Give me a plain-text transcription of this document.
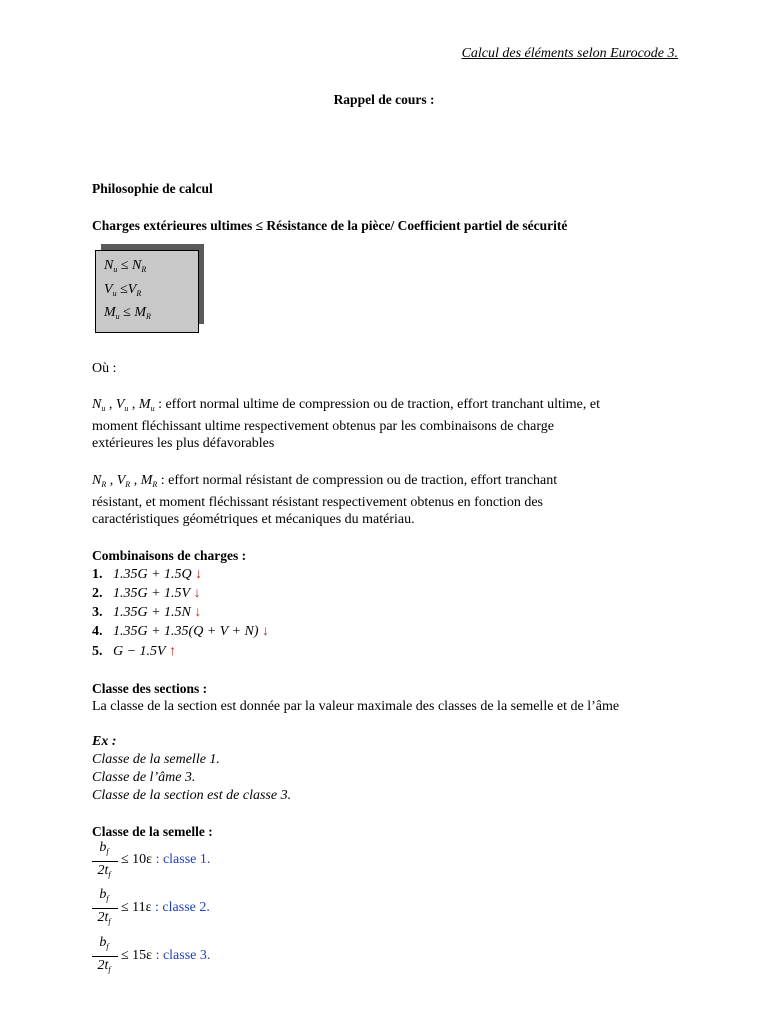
Calcul des éléments selon Eurocode 3.
Rappel de cours :
Philosophie de calcul
Charges extérieures ultimes ≤ Résistance de la pièce/ Coefficient partiel de sécurité
$N_u \le N_R$
$V_u \le V_R$
$M_u \le M_R$
Où :
$N_u$ , $V_u$ , $M_u$ : effort normal ultime de compression ou de traction, effort tranchant ultime, et
moment fléchissant ultime respectivement obtenus par les combinaisons de charge
extérieures les plus défavorables
$N_R$ , $V_R$ , $M_R$ : effort normal résistant de compression ou de traction, effort tranchant
résistant, et moment fléchissant résistant respectivement obtenus en fonction des
caractéristiques géométriques et mécaniques du matériau.
Combinaisons de charges :
1. 1.35G + 1.5Q ↓
2. 1.35G + 1.5V ↓
3. 1.35G + 1.5N ↓
4. 1.35G + 1.35(Q + V + N) ↓
5. G − 1.5V ↑
Classe des sections :
La classe de la section est donnée par la valeur maximale des classes de la semelle et de l’âme
Ex :
Classe de la semelle 1.
Classe de l’âme 3.
Classe de la section est de classe 3.
Classe de la semelle :
$b_f$
$2t_f$
≤ 10ε : classe 1.
$b_f$
$2t_f$
≤ 11ε : classe 2.
$b_f$
$2t_f$
≤ 15ε : classe 3.
